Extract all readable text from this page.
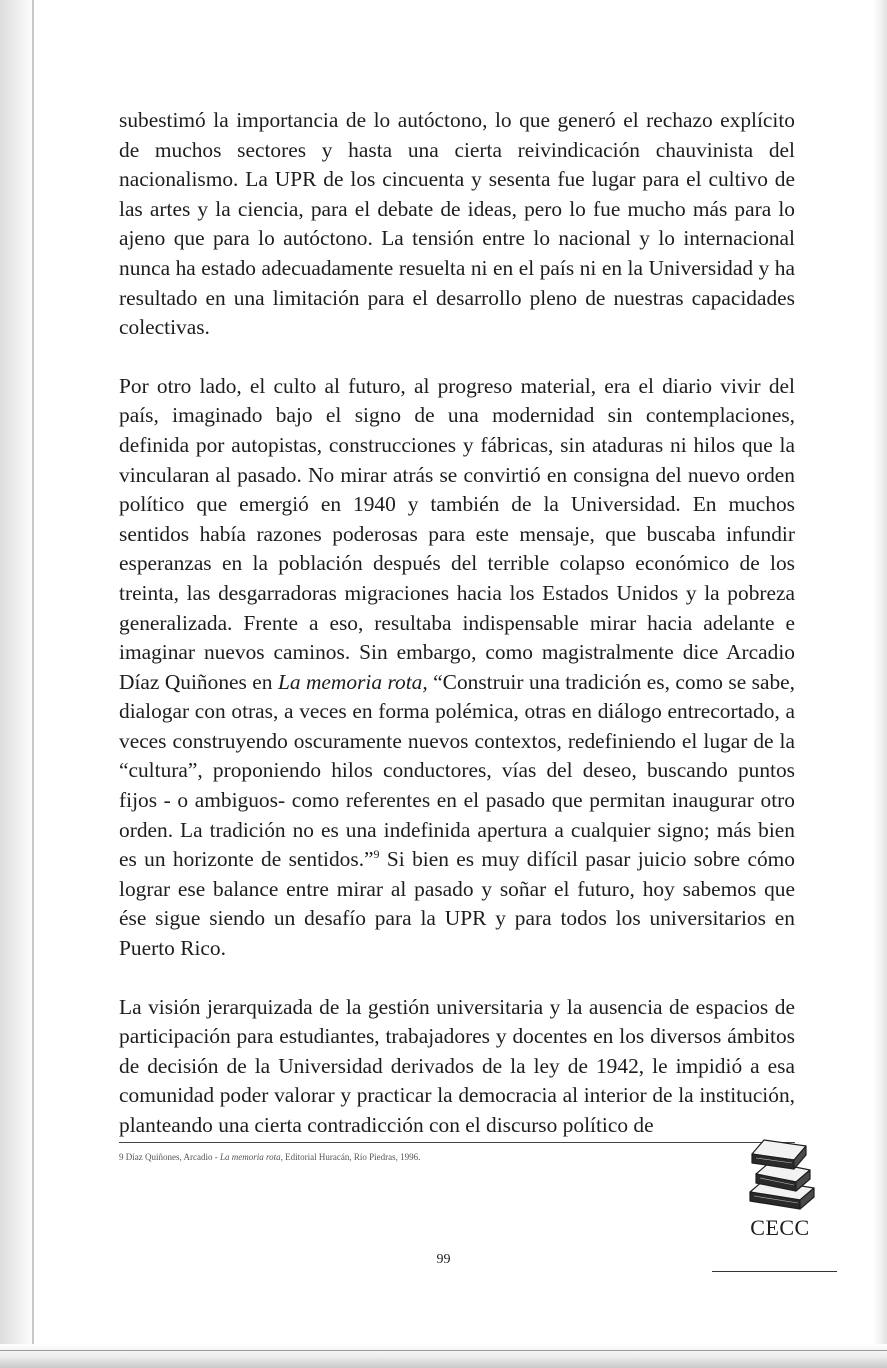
subestimó la importancia de lo autóctono, lo que generó el rechazo explícito de muchos sectores y hasta una cierta reivindicación chauvinista del nacionalismo. La UPR de los cincuenta y sesenta fue lugar para el cultivo de las artes y la ciencia, para el debate de ideas, pero lo fue mucho más para lo ajeno que para lo autóctono. La tensión entre lo nacional y lo internacional nunca ha estado adecuadamente resuelta ni en el país ni en la Universidad y ha resultado en una limitación para el desarrollo pleno de nuestras capacidades colectivas.

Por otro lado, el culto al futuro, al progreso material, era el diario vivir del país, imaginado bajo el signo de una modernidad sin contemplaciones, definida por autopistas, construcciones y fábricas, sin ataduras ni hilos que la vincularan al pasado. No mirar atrás se convirtió en consigna del nuevo orden político que emergió en 1940 y también de la Universidad. En muchos sentidos había razones poderosas para este mensaje, que buscaba infundir esperanzas en la población después del terrible colapso económico de los treinta, las desgarradoras migraciones hacia los Estados Unidos y la pobreza generalizada. Frente a eso, resultaba indispensable mirar hacia adelante e imaginar nuevos caminos. Sin embargo, como magistralmente dice Arcadio Díaz Quiñones en La memoria rota, “Construir una tradición es, como se sabe, dialogar con otras, a veces en forma polémica, otras en diálogo entrecortado, a veces construyendo oscuramente nuevos contextos, redefiniendo el lugar de la “cultura”, proponiendo hilos conductores, vías del deseo, buscando puntos fijos - o ambiguos- como referentes en el pasado que permitan inaugurar otro orden. La tradición no es una indefinida apertura a cualquier signo; más bien es un horizonte de sentidos.”$^9$ Si bien es muy difícil pasar juicio sobre cómo lograr ese balance entre mirar al pasado y soñar el futuro, hoy sabemos que ése sigue siendo un desafío para la UPR y para todos los universitarios en Puerto Rico.

La visión jerarquizada de la gestión universitaria y la ausencia de espacios de participación para estudiantes, trabajadores y docentes en los diversos ámbitos de decisión de la Universidad derivados de la ley de 1942, le impidió a esa comunidad poder valorar y practicar la democracia al interior de la institución, planteando una cierta contradicción con el discurso político de

9 Díaz Quiñones, Arcadio - La memoria rota, Editorial Huracán, Río Piedras, 1996.
99
CECC
